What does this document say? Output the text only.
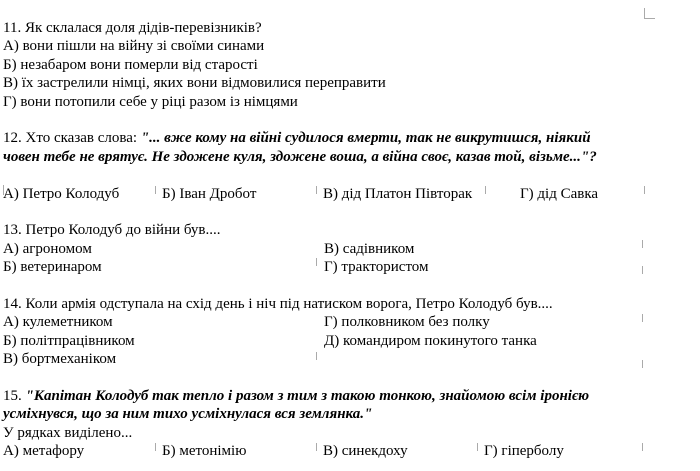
11. Як склалася доля дідів-перевізників?
А) вони пішли на війну зі своїми синами
Б) незабаром вони померли від старості
В) їх застрелили німці, яких вони відмовилися переправити
Г) вони потопили себе у ріці разом із німцями
12. Хто сказав слова: "... вже кому на війні судилося вмерти, так не викрутишся, ніякий
човен тебе не врятує. Не здожене куля, здожене воша, а війна своє, казав той, візьме..."?
А) Петро Колодуб	Б) Іван Дробот	В) дід Платон Півторак	Г) дід Савка
13. Петро Колодуб до війни був....
А) агрономом	В) садівником
Б) ветеринаром	Г) трактористом
14. Коли армія одступала на схід день і ніч під натиском ворога, Петро Колодуб був....
А) кулеметником	Г) полковником без полку
Б) політпрацівником	Д) командиром покинутого танка
В) бортмеханіком
15. "Капітан Колодуб так тепло і разом з тим з такою тонкою, знайомою всім іронією
усміхнувся, що за ним тихо усміхнулася вся землянка."
У рядках виділено...
А) метафору	Б) метонімію	В) синекдоху	Г) гіперболу
